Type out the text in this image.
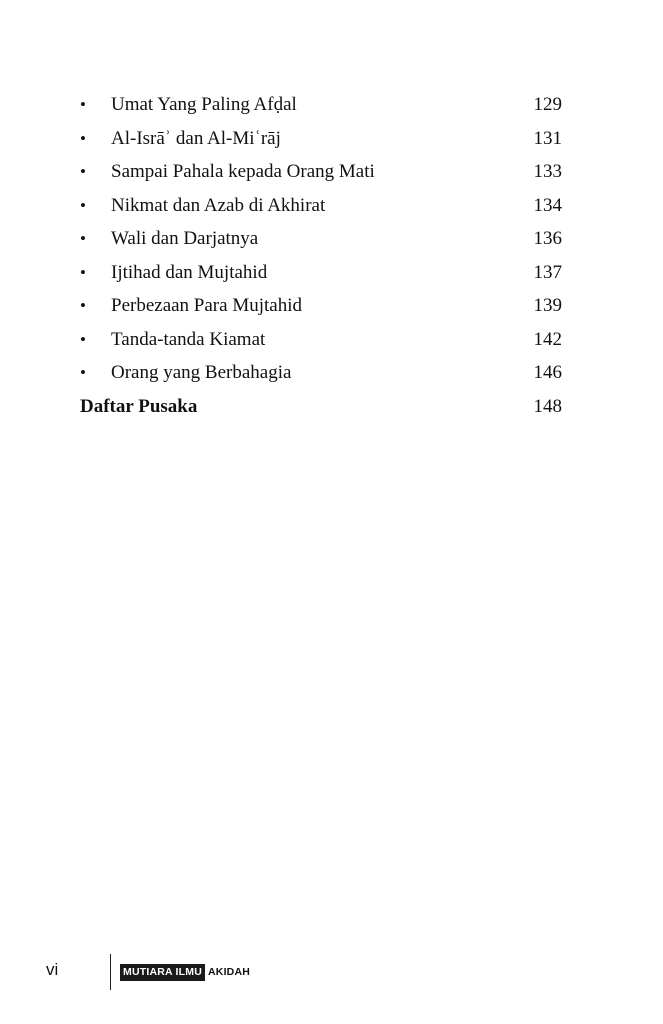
• Umat Yang Paling Afḍal	129
• Al-Isrāʾ dan Al-Miʿrāj	131
• Sampai Pahala kepada Orang Mati	133
• Nikmat dan Azab di Akhirat	134
• Wali dan Darjatnya	136
• Ijtihad dan Mujtahid	137
• Perbezaan Para Mujtahid	139
• Tanda-tanda Kiamat	142
• Orang yang Berbahagia	146
Daftar Pusaka	148
vi	MUTIARA ILMU AKIDAH
